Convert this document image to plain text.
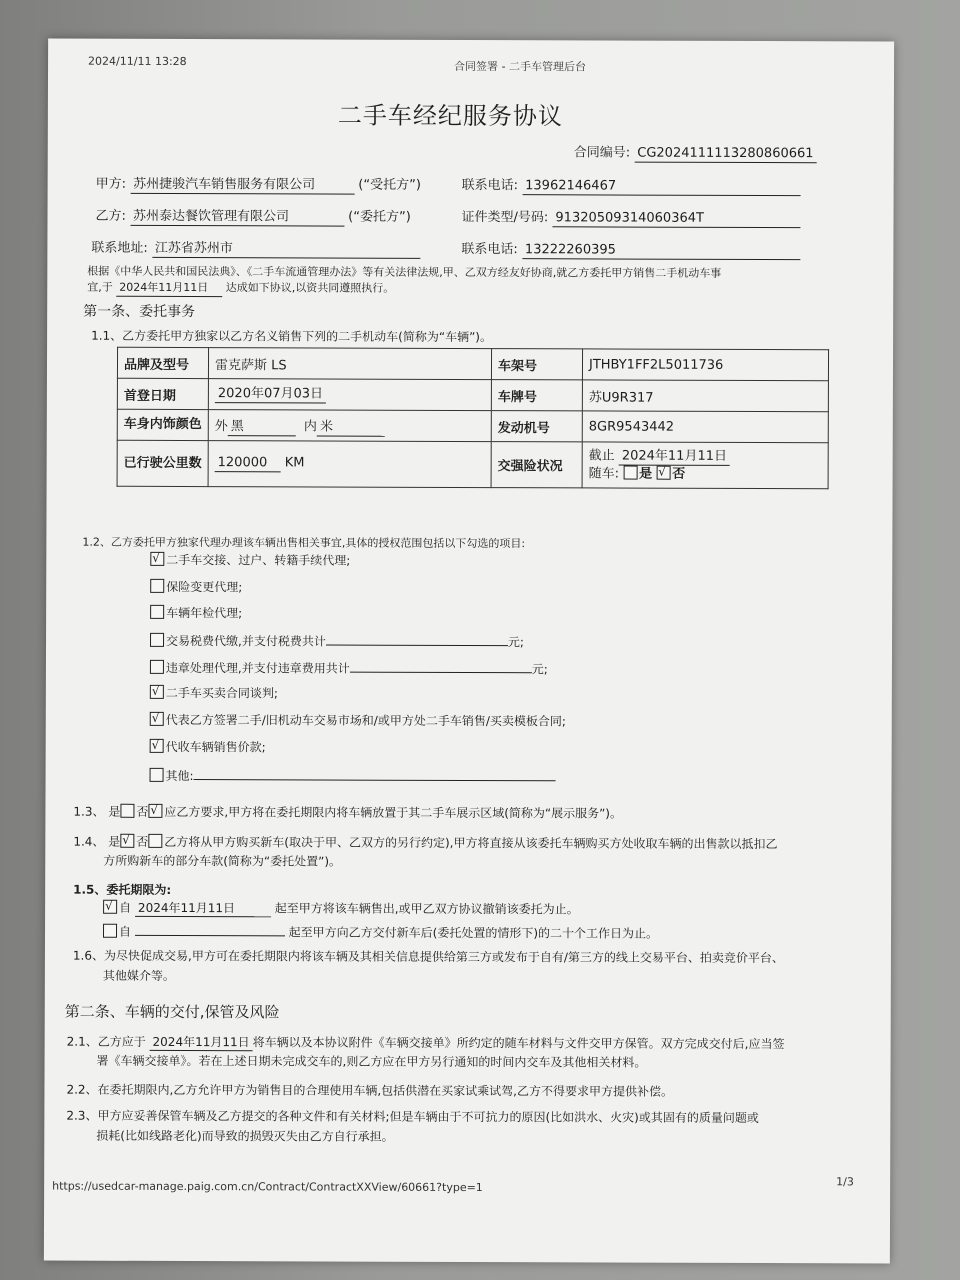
2024/11/11 13:28	合同签署 - 二手车管理后台
二手车经纪服务协议
合同编号: CG20241111132808606​61
甲方: 苏州捷骏汽车销售服务有限公司	(“受托方”)	联系电话: 13962146467
乙方: 苏州泰达餐饮管理有限公司	(“委托方”)	证件类型/号码: 91320509314060364T
联系地址: 江苏省苏州市	联系电话: 13222260395
根据《中华人民共和国民法典》、《二手车流通管理办法》等有关法律法规,甲、乙双方经友好协商,就乙方委托甲方销售二手机动车事
宜,于 2024年11月11日 达成如下协议,以资共同遵照执行。
第一条、委托事务
1.1、乙方委托甲方独家以乙方名义销售下列的二手机动车(简称为“车辆”)。
品牌及型号	雷克萨斯 LS	车架号	JTHBY1FF2L5011736
首登日期	2020年07月03日	车牌号	苏U9R317
车身内饰颜色	外 黑 内 米	发动机号	8GR9543442
已行驶公里数	120000 KM	交强险状况	截止 2024年11月11日
随车: 是 √ 否
1.2、乙方委托甲方独家代理办理该车辆出售相关事宜,具体的授权范围包括以下勾选的项目:
√ 二手车交接、过户、转籍手续代理;
保险变更代理;
车辆年检代理;
交易税费代缴,并支付税费共计	元;
违章处理代理,并支付违章费用共计	元;
√ 二手车买卖合同谈判;
√ 代表乙方签署二手/旧机动车交易市场和/或甲方处二手车销售/买卖模板合同;
√ 代收车辆销售价款;
其他:
1.3、 是 否 √ 应乙方要求,甲方将在委托期限内将车辆放置于其二手车展示区域(简称为“展示服务”)。
1.4、 是 √ 否 乙方将从甲方购买新车(取决于甲、乙双方的另行约定),甲方将直接从该委托车辆购买方处收取车辆的出售款以抵扣乙
方所购新车的部分车款(简称为“委托处置”)。
1.5、委托期限为:
√ 自 2024年11月11日	起至甲方将该车辆售出,或甲乙双方协议撤销该委托为止。
自	起至甲方向乙方交付新车后(委托处置的情形下)的二十个工作日为止。
1.6、为尽快促成交易,甲方可在委托期限内将该车辆及其相关信息提供给第三方或发布于自有/第三方的线上交易平台、拍卖竞价平台、
其他媒介等。
第二条、车辆的交付,保管及风险
2.1、乙方应于 2024年11月11日 将车辆以及本协议附件《车辆交接单》所约定的随车材料与文件交甲方保管。双方完成交付后,应当签
署《车辆交接单》。若在上述日期未完成交车的,则乙方应在甲方另行通知的时间内交车及其他相关材料。
2.2、在委托期限内,乙方允许甲方为销售目的合理使用车辆,包括供潜在买家试乘试驾,乙方不得要求甲方提供补偿。
2.3、甲方应妥善保管车辆及乙方提交的各种文件和有关材料;但是车辆由于不可抗力的原因(比如洪水、火灾)或其固有的质量问题或
损耗(比如线路老化)而导致的损毁灭失由乙方自行承担。
https://usedcar-manage.paig.com.cn/Contract/ContractXXView/60661?type=1	1/3
